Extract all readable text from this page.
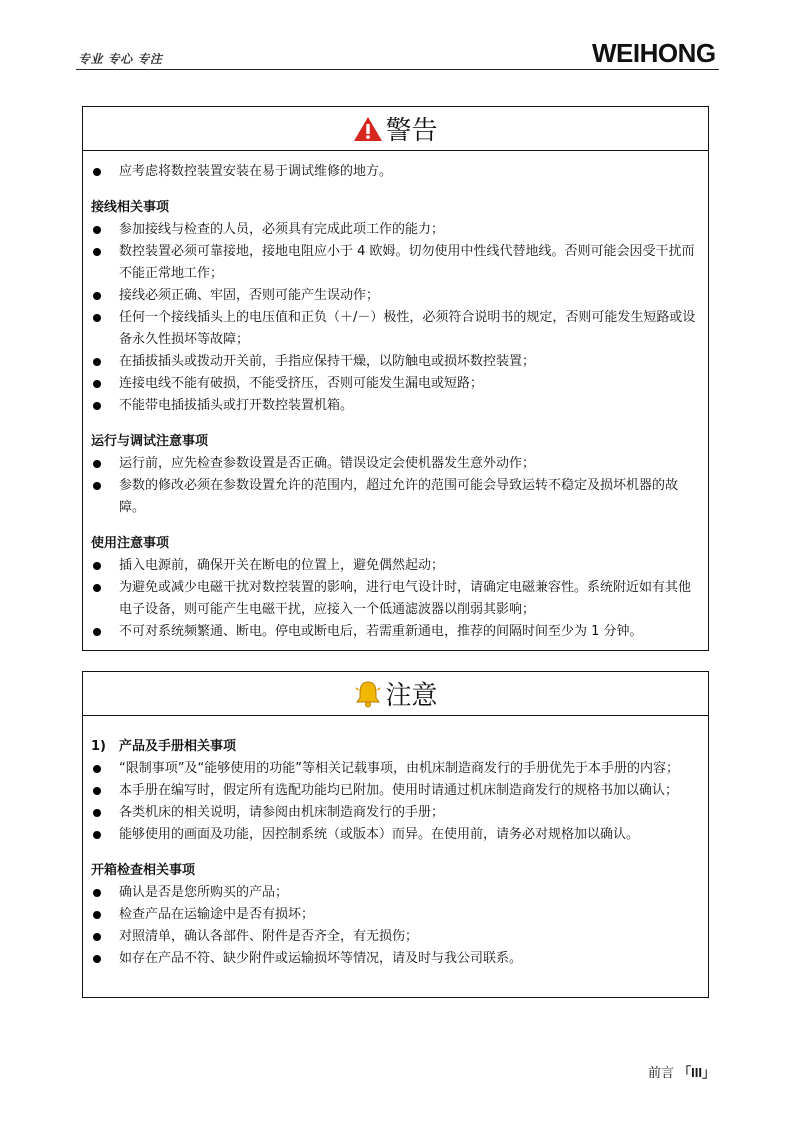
专业 专心 专注	WEIHONG
警告
应考虑将数控装置安装在易于调试维修的地方。
接线相关事项
参加接线与检查的人员，必须具有完成此项工作的能力；
数控装置必须可靠接地，接地电阻应小于 4 欧姆。切勿使用中性线代替地线。否则可能会因受干扰而不能正常地工作；
接线必须正确、牢固，否则可能产生误动作；
任何一个接线插头上的电压值和正负（＋/－）极性，必须符合说明书的规定，否则可能发生短路或设备永久性损坏等故障；
在插拔插头或拨动开关前，手指应保持干燥，以防触电或损坏数控装置；
连接电线不能有破损，不能受挤压，否则可能发生漏电或短路；
不能带电插拔插头或打开数控装置机箱。
运行与调试注意事项
运行前，应先检查参数设置是否正确。错误设定会使机器发生意外动作；
参数的修改必须在参数设置允许的范围内，超过允许的范围可能会导致运转不稳定及损坏机器的故障。
使用注意事项
插入电源前，确保开关在断电的位置上，避免偶然起动；
为避免或减少电磁干扰对数控装置的影响，进行电气设计时，请确定电磁兼容性。系统附近如有其他电子设备，则可能产生电磁干扰，应接入一个低通滤波器以削弱其影响；
不可对系统频繁通、断电。停电或断电后，若需重新通电，推荐的间隔时间至少为 1 分钟。
注意
1) 产品及手册相关事项
“限制事项”及“能够使用的功能”等相关记载事项，由机床制造商发行的手册优先于本手册的内容；
本手册在编写时，假定所有选配功能均已附加。使用时请通过机床制造商发行的规格书加以确认；
各类机床的相关说明，请参阅由机床制造商发行的手册；
能够使用的画面及功能，因控制系统（或版本）而异。在使用前，请务必对规格加以确认。
开箱检查相关事项
确认是否是您所购买的产品；
检查产品在运输途中是否有损坏；
对照清单，确认各部件、附件是否齐全，有无损伤；
如存在产品不符、缺少附件或运输损坏等情况，请及时与我公司联系。
前言 「III」
